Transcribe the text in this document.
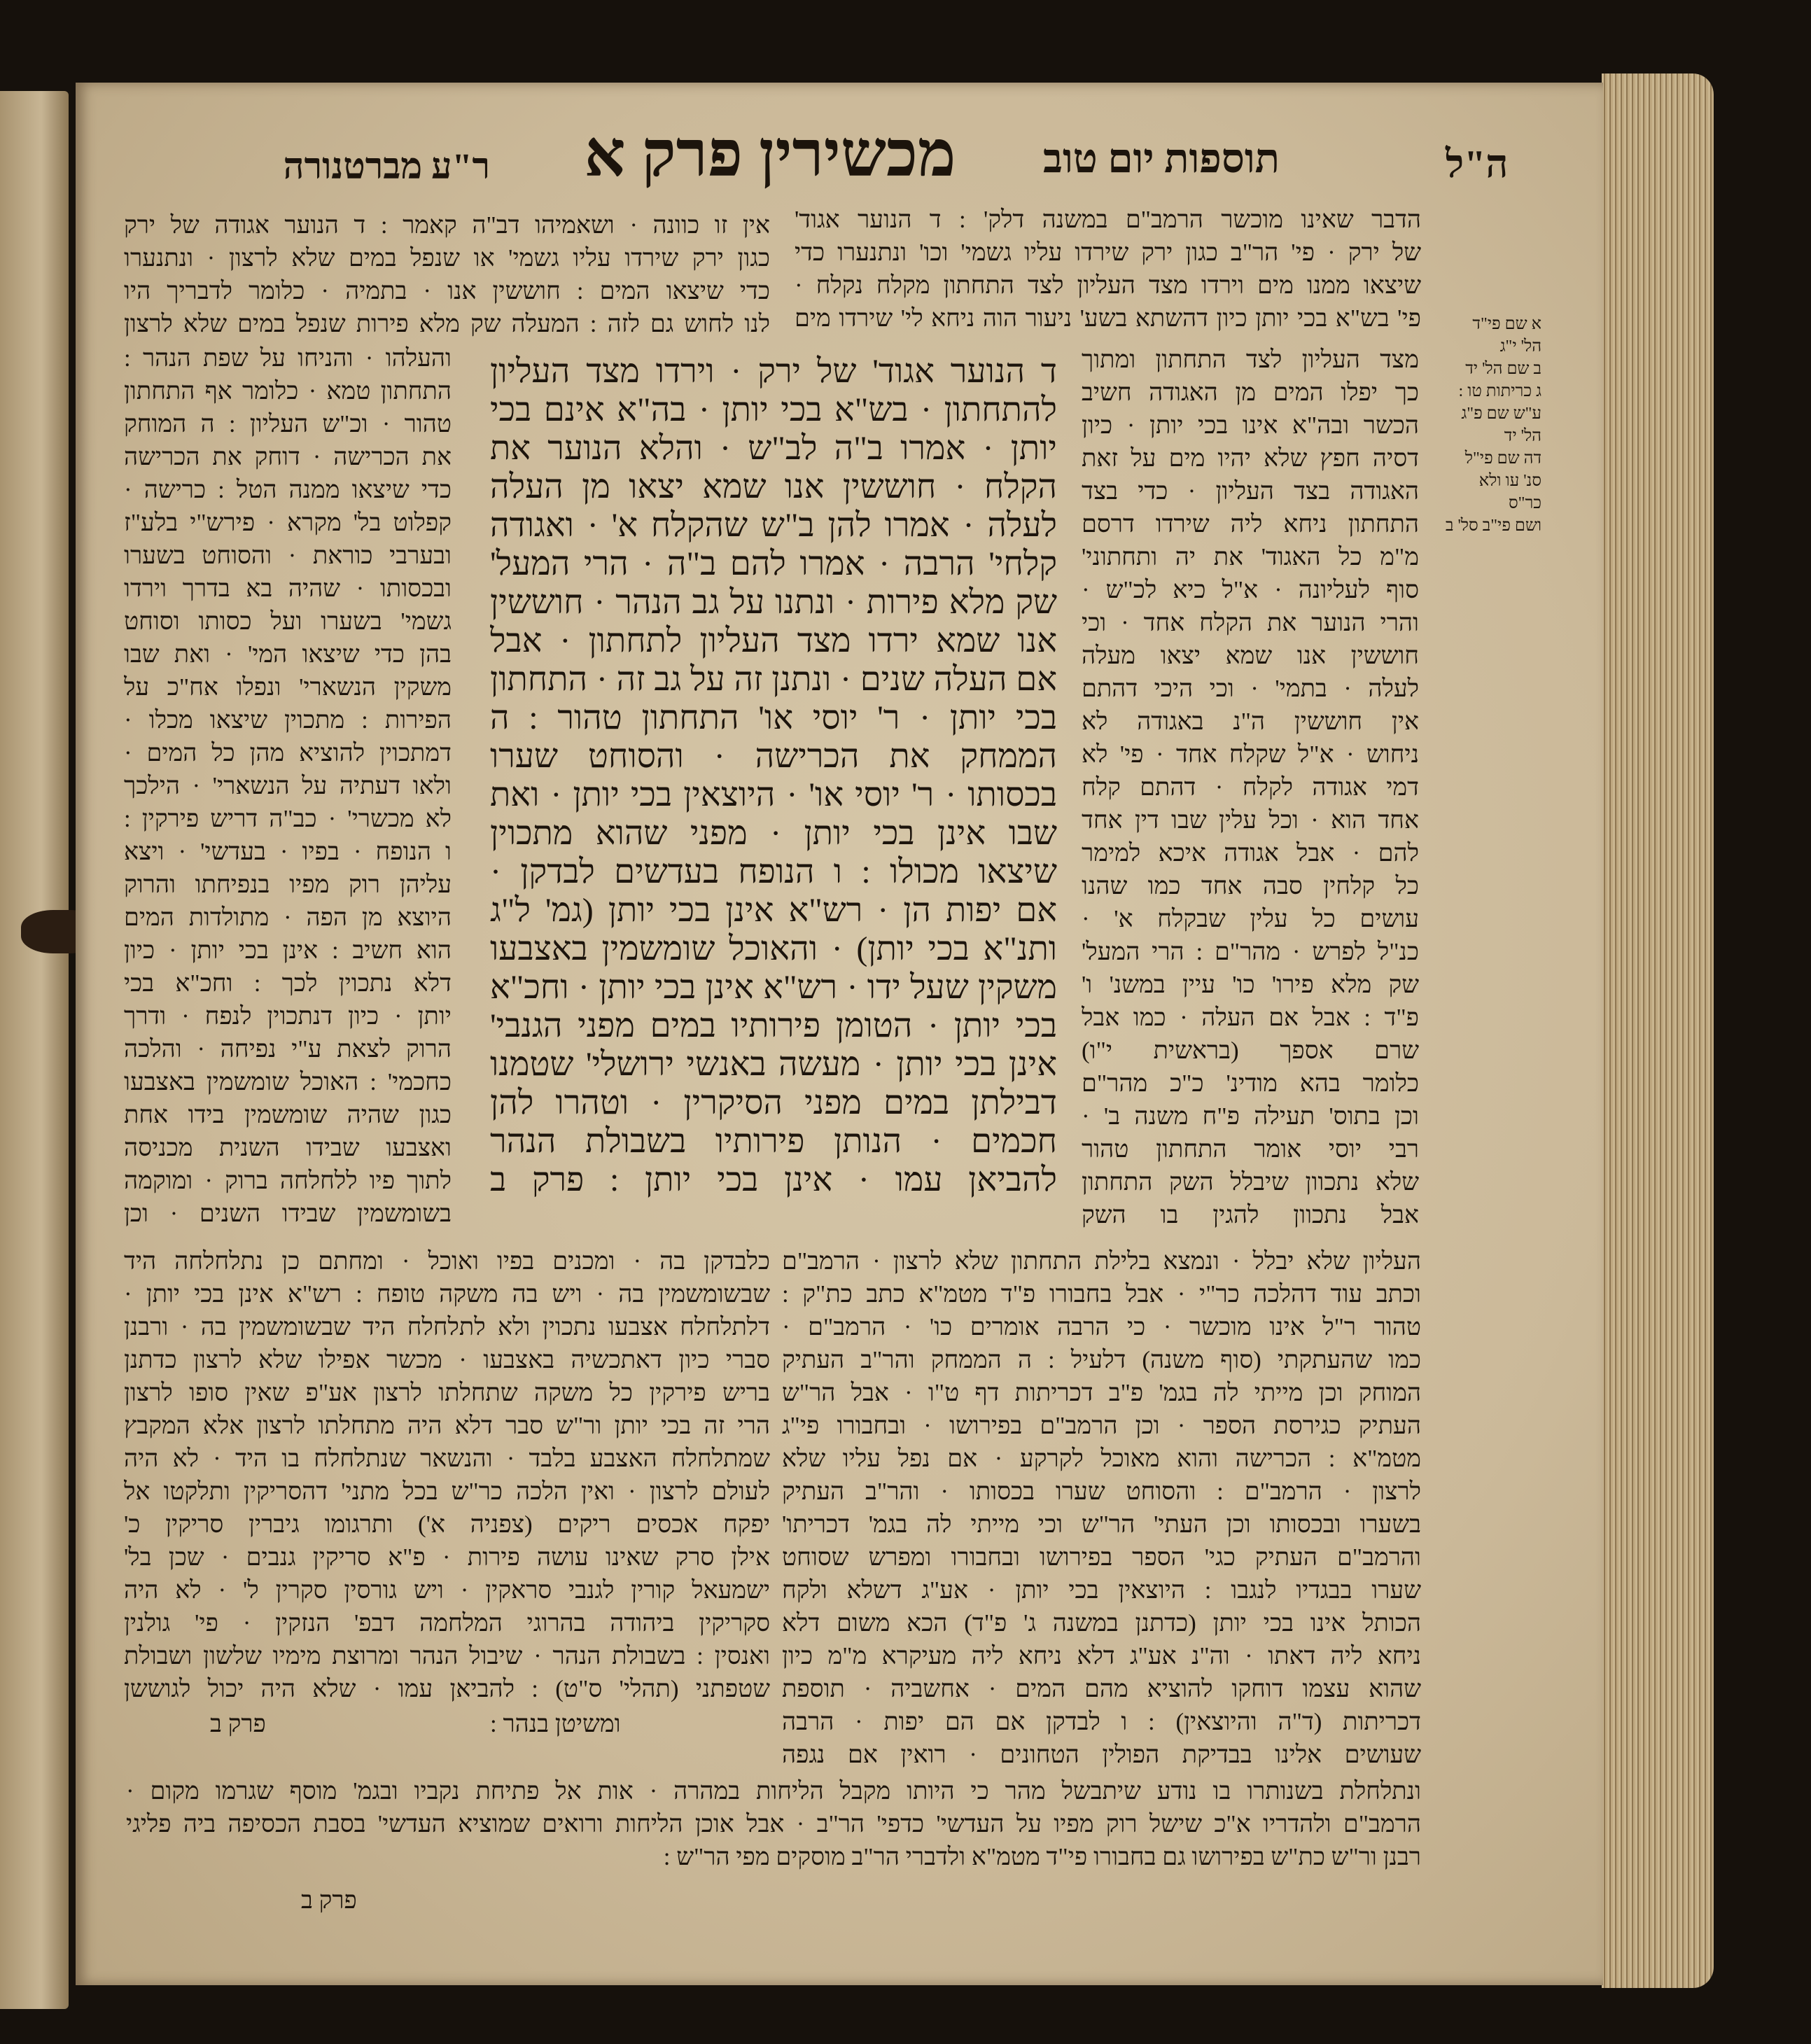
ה"ל
תוספות יום טוב
מכשירין פרק א
ר"ע מברטנורה
הדבר שאינו מוכשר הרמב"ם במשנה דלק' : ד הנוער אגוד'
של ירק · פי' הר"ב כגון ירק שירדו עליו גשמי' וכו' ונתנערו כדי
שיצאו ממנו מים וירדו מצד העליון לצד התחתון מקלח נקלח ·
פי' בש"א בכי יותן כיון דהשתא בשע' ניעור הוה ניחא לי' שירדו מים
מצד העליון לצד התחתון ומתוך
כך יפלו המים מן האגודה חשיב
הכשר ובה"א אינו בכי יותן · כיון
דסיה חפץ שלא יהיו מים על זאת
האגודה בצד העליון · כדי בצד
התחתון ניחא ליה שירדו דרסם
מ"מ כל האגוד' את יה ותחתוני'
סוף לעליונה · א"ל כיא לכ"ש ·
והרי הנוער את הקלח אחד · וכי
חוששין אנו שמא יצאו מעלה
לעלה · בתמי' · וכי היכי דהתם
אין חוששין ה"נ באגודה לא
ניחוש · א"ל שקלח אחד · פי' לא
דמי אגודה לקלח · דהתם קלח
אחד הוא · וכל עלין שבו דין אחד
להם · אבל אגודה איכא למימר
כל קלחין סבה אחד כמו שהנו
עושים כל עלין שבקלח א' ·
כנ"ל לפרש · מהר"ם : הרי המעל'
שק מלא פירו' כו' עיין במשנ' ו'
פ"ד : אבל אם העלה · כמו אבל
שרם אספך (בראשית י"ו)
כלומר בהא מודינ' כ"כ מהר"ם
וכן בתוס' תעילה פ"ח משנה ב' ·
רבי יוסי אומר התחתון טהור
שלא נתכוון שיבלל השק התחתון
אבל נתכוון להגין בו השק
א שם פי"ד
הל' י"ג
ב שם הל' יד
ג כריתות טו :
ע"ש שם פ"ג
הל' יד
דה שם פי"ל
סנ' עו ולא
כר"ס
ושם פי"ב סל' ב
ד הנוער אגוד' של ירק · וירדו מצד העליון
להתחתון · בש"א בכי יותן · בה"א אינם בכי
יותן · אמרו ב"ה לב"ש · והלא הנוער את
הקלח · חוששין אנו שמא יצאו מן העלה
לעלה · אמרו להן ב"ש שהקלח א' · ואגודה
קלחי' הרבה · אמרו להם ב"ה · הרי המעל'
שק מלא פירות · ונתנו על גב הנהר · חוששין
אנו שמא ירדו מצד העליון לתחתון · אבל
אם העלה שנים · ונתנן זה על גב זה · התחתון
בכי יותן · ר' יוסי או' התחתון טהור : ה
הממחק את הכרישה · והסוחט שערו
בכסותו · ר' יוסי או' · היוצאין בכי יותן · ואת
שבו אינן בכי יותן · מפני שהוא מתכוין
שיצאו מכולו : ו הנופח בעדשים לבדקן ·
אם יפות הן · רש"א אינן בכי יותן (גמ' ל"ג
ותנ"א בכי יותן) · והאוכל שומשמין באצבעו
משקין שעל ידו · רש"א אינן בכי יותן · וחכ"א
בכי יותן · הטומן פירותיו במים מפני הגנבי'
אינן בכי יותן · מעשה באנשי ירושלי' שטמנו
דבילתן במים מפני הסיקרין · וטהרו להן
חכמים · הנותן פירותיו בשבולת הנהר
להביאן עמו · אינן בכי יותן : פרק ב
אין זו כוונה · ושאמיהו דב"ה קאמר : ד הנוער אגודה של ירק
כגון ירק שירדו עליו גשמי' או שנפל במים שלא לרצון · ונתנערו
כדי שיצאו המים : חוששין אנו · בתמיה · כלומר לדבריך היו
לנו לחוש גם לזה : המעלה שק מלא פירות שנפל במים שלא לרצון
והעלהו · והניחו על שפת הנהר :
התחתון טמא · כלומר אף התחתון
טהור · וכ"ש העליון : ה המוחק
את הכרישה · דוחק את הכרישה
כדי שיצאו ממנה הטל : כרישה ·
קפלוט בל' מקרא · פירש"י בלע"ז
ובערבי כוראת · והסוחט בשערו
ובכסותו · שהיה בא בדרך וירדו
גשמי' בשערו ועל כסותו וסוחט
בהן כדי שיצאו המי' · ואת שבו
משקין הנשארי' ונפלו אח"כ על
הפירות : מתכוין שיצאו מכלו ·
דמתכוין להוציא מהן כל המים ·
ולאו דעתיה על הנשארי' · הילכך
לא מכשרי' · כב"ה דריש פירקין :
ו הנופח · בפיו · בעדשי' · ויצא
עליהן רוק מפיו בנפיחתו והרוק
היוצא מן הפה · מתולדות המים
הוא חשיב : אינן בכי יותן · כיון
דלא נתכוין לכך : וחכ"א בכי
יותן · כיון דנתכוין לנפח · ודרך
הרוק לצאת ע"י נפיחה · והלכה
כחכמי' : האוכל שומשמין באצבעו
כגון שהיה שומשמין בידו אחת
ואצבעו שבידו השנית מכניסה
לתוך פיו ללחלחה ברוק · ומוקמה
בשומשמין שבידו השנים · וכן
העליון שלא יבלל · ונמצא בלילת התחתון שלא לרצון · הרמב"ם
וכתב עוד דהלכה כר"י · אבל בחבורו פ"ד מטמ"א כתב כת"ק :
טהור ר"ל אינו מוכשר · כי הרבה אומרים כו' · הרמב"ם ·
כמו שהעתקתי (סוף משנה) דלעיל : ה הממחק והר"ב העתיק
המוחק וכן מייתי לה בגמ' פ"ב דכריתות דף ט"ו · אבל הר"ש
העתיק כגירסת הספר · וכן הרמב"ם בפירושו · ובחבורו פי"ג
מטמ"א : הכרישה והוא מאוכל לקרקע · אם נפל עליו שלא
לרצון · הרמב"ם : והסוחט שערו בכסותו · והר"ב העתיק
בשערו ובכסותו וכן העתי' הר"ש וכי מייתי לה בגמ' דכריתו'
והרמב"ם העתיק כגי' הספר בפירושו ובחבורו ומפרש שסוחט
שערו בבגדיו לנגבו : היוצאין בכי יותן · אע"ג דשלא ולקח
הכותל אינו בכי יותן (כדתנן במשנה ג' פ"ד) הכא משום דלא
ניחא ליה דאתו · וה"נ אע"ג דלא ניחא ליה מעיקרא מ"מ כיון
שהוא עצמו דוחקו להוציא מהם המים · אחשביה · תוספת
דכריתות (ד"ה והיוצאין) : ו לבדקן אם הם יפות · הרבה
שעושים אלינו בבדיקת הפולין הטחונים · רואין אם נגפה
כלבדקן בה · ומכנים בפיו ואוכל · ומחתם כן נתלחלחה היד
שבשומשמין בה · ויש בה משקה טופח : רש"א אינן בכי יותן ·
דלתלחלח אצבעו נתכוין ולא לתלחלח היד שבשומשמין בה · ורבנן
סברי כיון דאתכשיה באצבעו · מכשר אפילו שלא לרצון כדתנן
בריש פירקין כל משקה שתחלתו לרצון אע"פ שאין סופו לרצון
הרי זה בכי יותן ור"ש סבר דלא היה מתחלתו לרצון אלא המקבץ
שמתלחלח האצבע בלבד · והנשאר שנתלחלח בו היד · לא היה
לעולם לרצון · ואין הלכה כר"ש בכל מתני' דהסריקין ותלקטו אל
יפקח אכסים ריקים (צפניה א') ותרגומו גיברין סריקין כ'
אילן סרק שאינו עושה פירות · פ"א סריקין גנבים · שכן בל'
ישמעאל קורין לגנבי סראקין · ויש גורסין סקרין ל' · לא היה
סקריקין ביהודה בהרוגי המלחמה דבפ' הנזקין · פי' גולנין
ואנסין : בשבולת הנהר · שיבול הנהר ומרוצת מימיו שלשון ושבולת
שטפתני (תהלי' ס"ט) : להביאן עמו · שלא היה יכול לגוששן
ומשיטן בנהר :
פרק ב
ונתלחלת בשנותרו בו נודע שיתבשל מהר כי היותו מקבל הליחות במהרה · אות אל פתיחת נקביו ובגמ' מוסף שגרמו מקום ·
הרמב"ם ולהדריו א"כ שישל רוק מפיו על העדשי' כדפי' הר"ב · אבל אוכן הליחות ורואים שמוציא העדשי' בסבת הכסיפה ביה פליגי
רבנן ור"ש כת"ש בפירושו גם בחבורו פי"ד מטמ"א ולדברי הר"ב מוסקים מפי הר"ש :
פרק ב
